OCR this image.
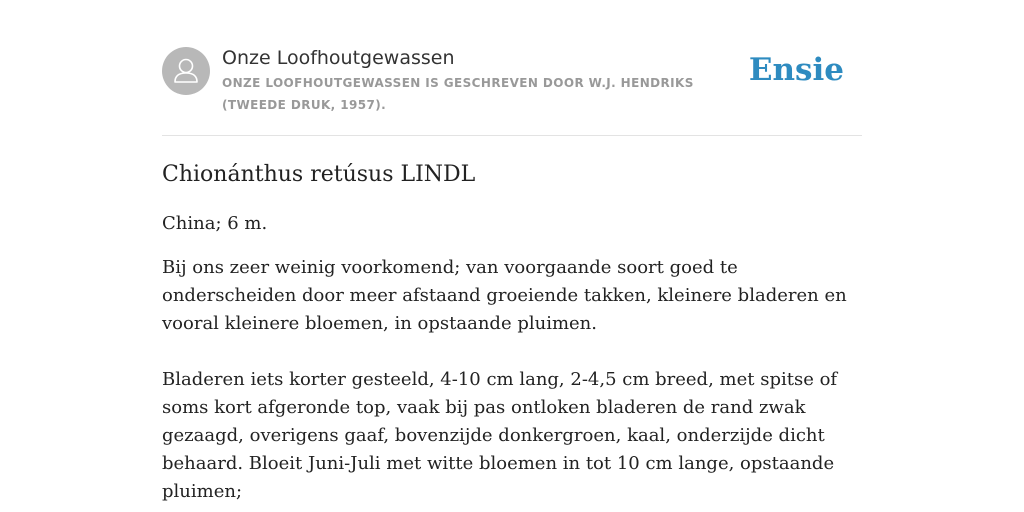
Onze Loofhoutgewassen
ONZE LOOFHOUTGEWASSEN IS GESCHREVEN DOOR W.J. HENDRIKS (TWEEDE DRUK, 1957).
Ensie
Chionánthus retúsus LINDL

China; 6 m.

Bij ons zeer weinig voorkomend; van voorgaande soort goed te onderscheiden door meer afstaand groeiende takken, kleinere bladeren en vooral kleinere bloemen, in opstaande pluimen.

Bladeren iets korter gesteeld, 4-10 cm lang, 2-4,5 cm breed, met spitse of soms kort afgeronde top, vaak bij pas ontloken bladeren de rand zwak gezaagd, overigens gaaf, bovenzijde donkergroen, kaal, onderzijde dicht behaard. Bloeit Juni-Juli met witte bloemen in tot 10 cm lange, opstaande pluimen;
